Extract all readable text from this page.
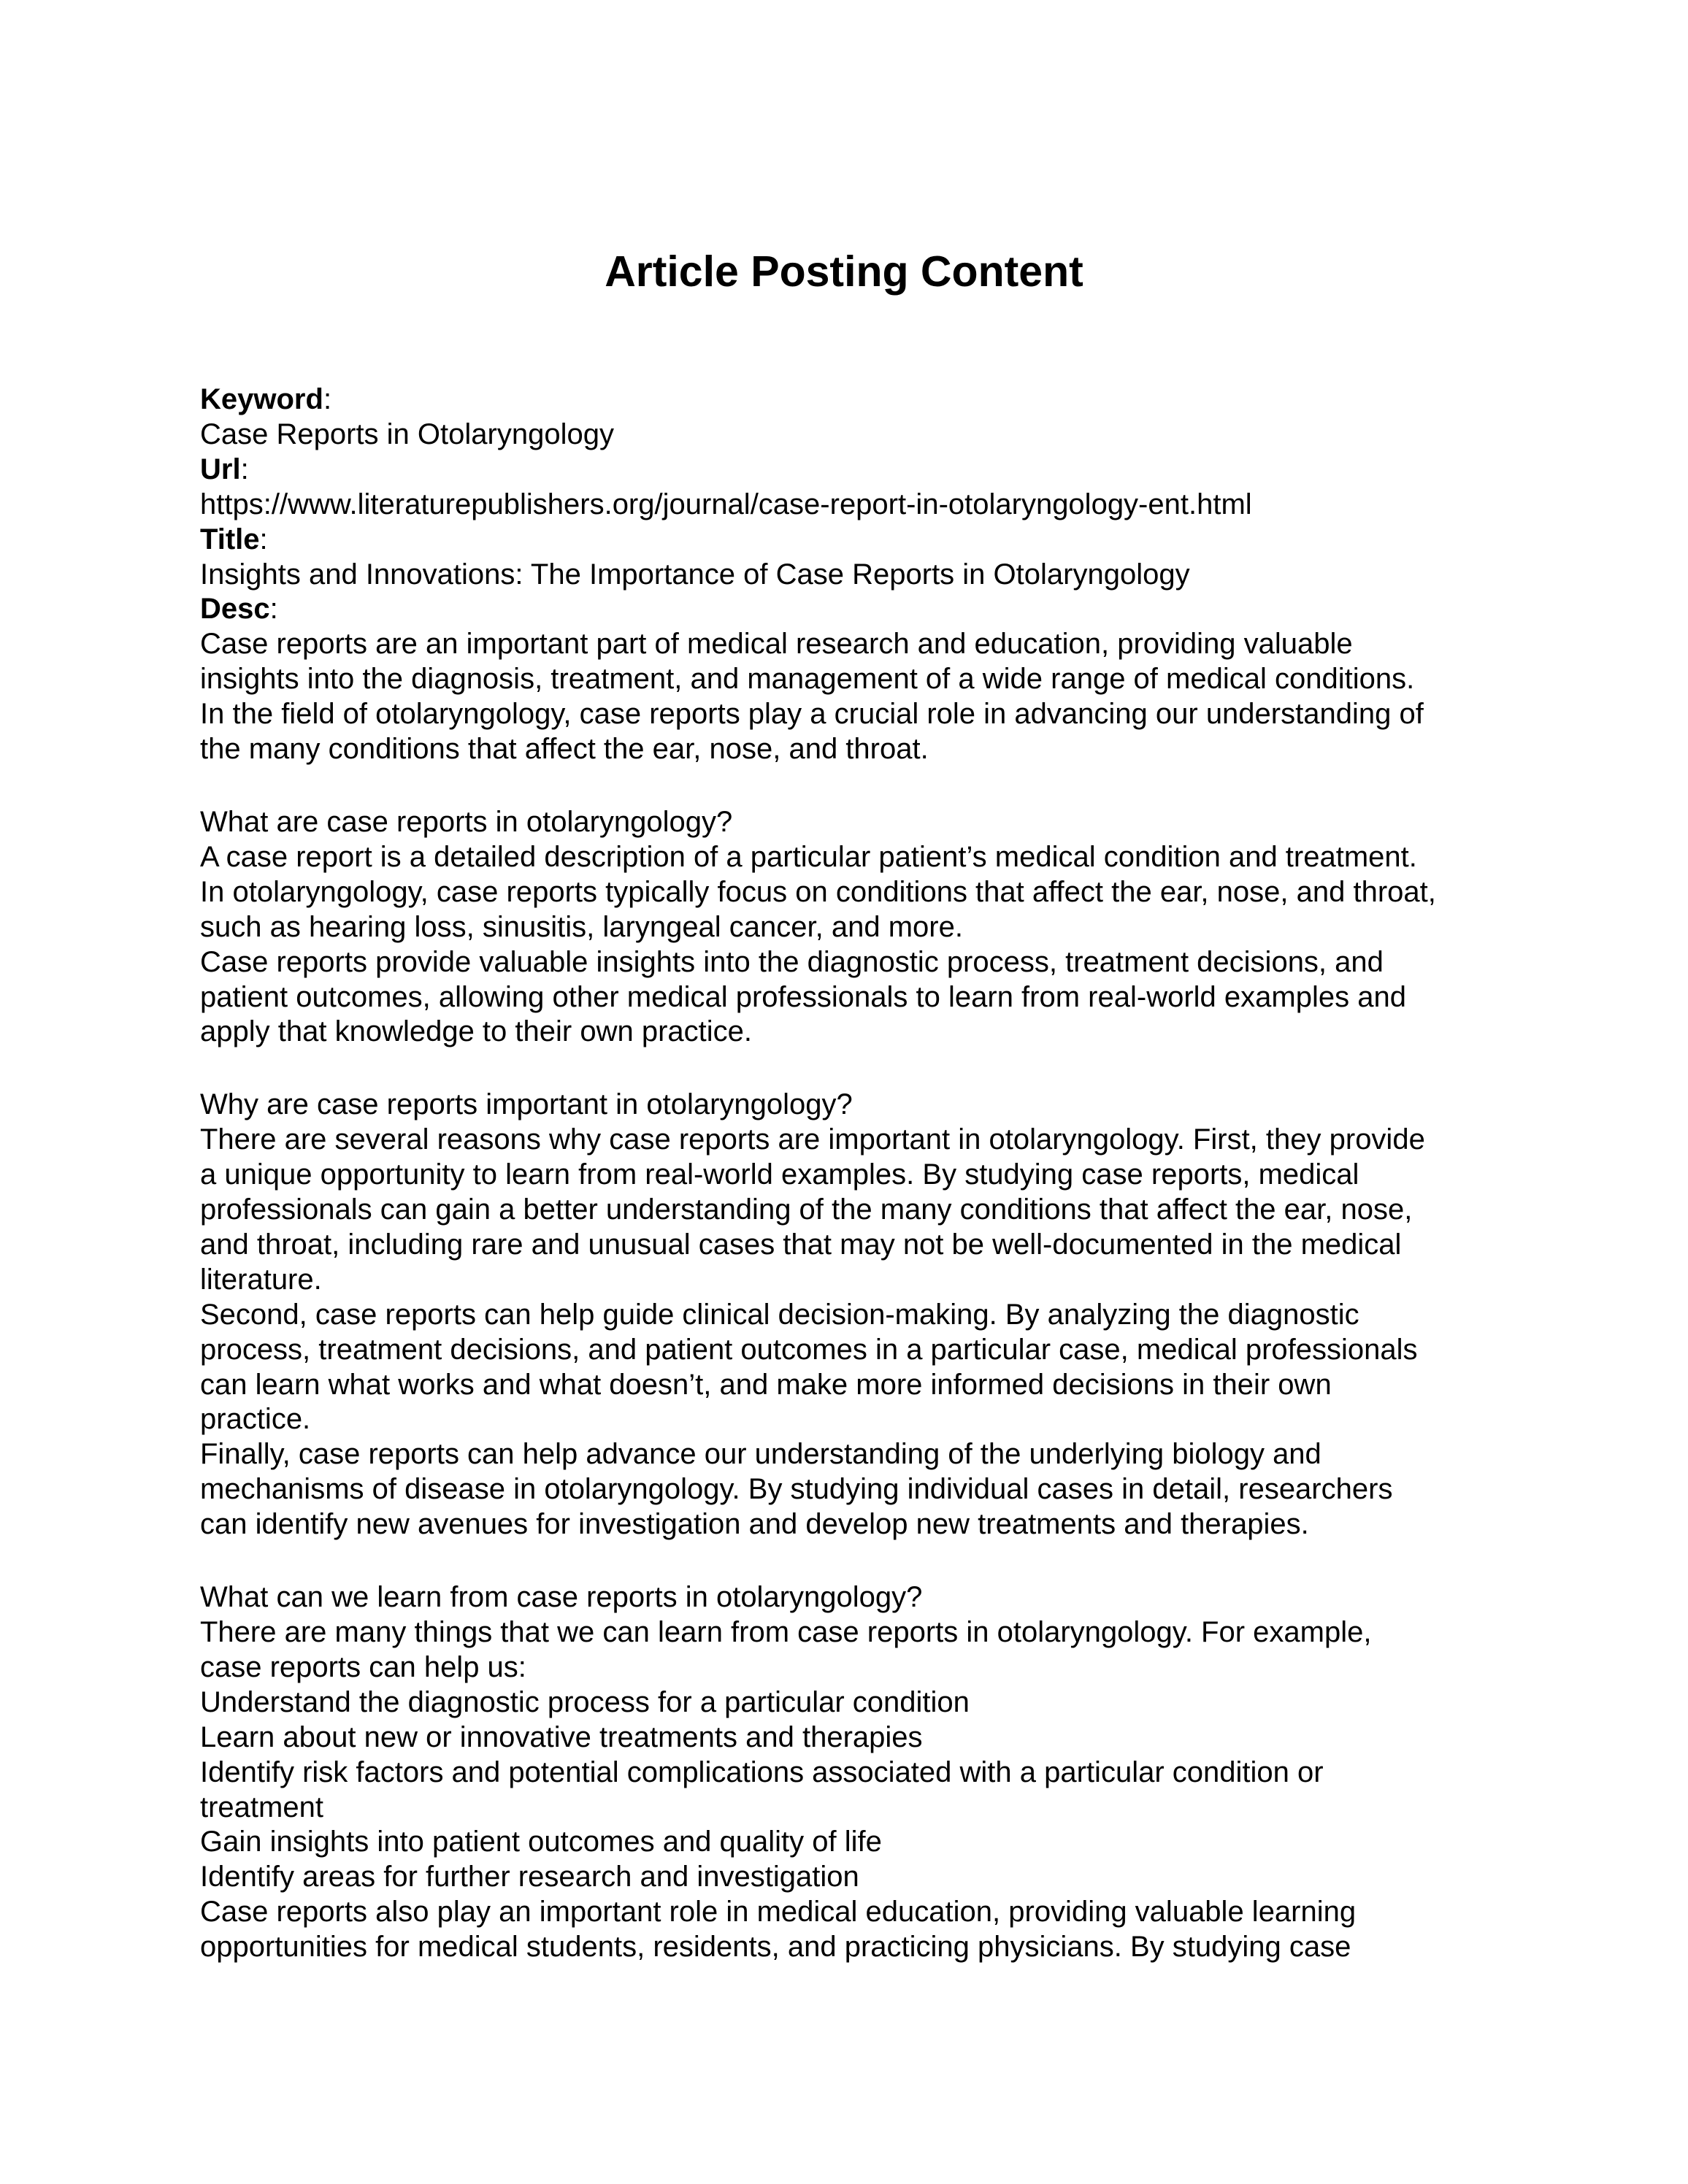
Article Posting Content
Keyword:
Case Reports in Otolaryngology
Url:
https://www.literaturepublishers.org/journal/case-report-in-otolaryngology-ent.html
Title:
Insights and Innovations: The Importance of Case Reports in Otolaryngology
Desc:
Case reports are an important part of medical research and education, providing valuable
insights into the diagnosis, treatment, and management of a wide range of medical conditions.
In the field of otolaryngology, case reports play a crucial role in advancing our understanding of
the many conditions that affect the ear, nose, and throat.
What are case reports in otolaryngology?
A case report is a detailed description of a particular patient’s medical condition and treatment.
In otolaryngology, case reports typically focus on conditions that affect the ear, nose, and throat,
such as hearing loss, sinusitis, laryngeal cancer, and more.
Case reports provide valuable insights into the diagnostic process, treatment decisions, and
patient outcomes, allowing other medical professionals to learn from real-world examples and
apply that knowledge to their own practice.
Why are case reports important in otolaryngology?
There are several reasons why case reports are important in otolaryngology. First, they provide
a unique opportunity to learn from real-world examples. By studying case reports, medical
professionals can gain a better understanding of the many conditions that affect the ear, nose,
and throat, including rare and unusual cases that may not be well-documented in the medical
literature.
Second, case reports can help guide clinical decision-making. By analyzing the diagnostic
process, treatment decisions, and patient outcomes in a particular case, medical professionals
can learn what works and what doesn’t, and make more informed decisions in their own
practice.
Finally, case reports can help advance our understanding of the underlying biology and
mechanisms of disease in otolaryngology. By studying individual cases in detail, researchers
can identify new avenues for investigation and develop new treatments and therapies.
What can we learn from case reports in otolaryngology?
There are many things that we can learn from case reports in otolaryngology. For example,
case reports can help us:
Understand the diagnostic process for a particular condition
Learn about new or innovative treatments and therapies
Identify risk factors and potential complications associated with a particular condition or
treatment
Gain insights into patient outcomes and quality of life
Identify areas for further research and investigation
Case reports also play an important role in medical education, providing valuable learning
opportunities for medical students, residents, and practicing physicians. By studying case
